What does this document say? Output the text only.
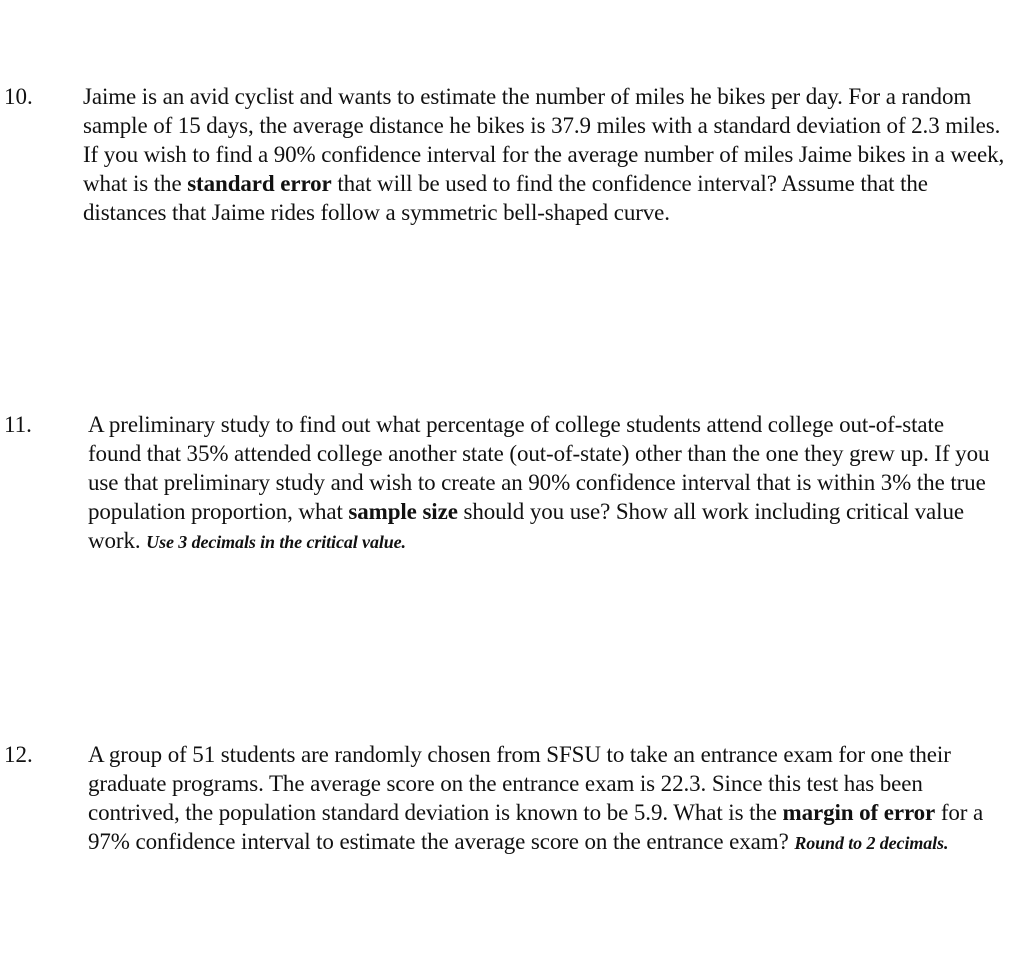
10. Jaime is an avid cyclist and wants to estimate the number of miles he bikes per day. For a random sample of 15 days, the average distance he bikes is 37.9 miles with a standard deviation of 2.3 miles. If you wish to find a 90% confidence interval for the average number of miles Jaime bikes in a week, what is the standard error that will be used to find the confidence interval? Assume that the distances that Jaime rides follow a symmetric bell-shaped curve.
11. A preliminary study to find out what percentage of college students attend college out-of-state found that 35% attended college another state (out-of-state) other than the one they grew up. If you use that preliminary study and wish to create an 90% confidence interval that is within 3% the true population proportion, what sample size should you use? Show all work including critical value work. Use 3 decimals in the critical value.
12. A group of 51 students are randomly chosen from SFSU to take an entrance exam for one their graduate programs. The average score on the entrance exam is 22.3. Since this test has been contrived, the population standard deviation is known to be 5.9. What is the margin of error for a 97% confidence interval to estimate the average score on the entrance exam? Round to 2 decimals.
